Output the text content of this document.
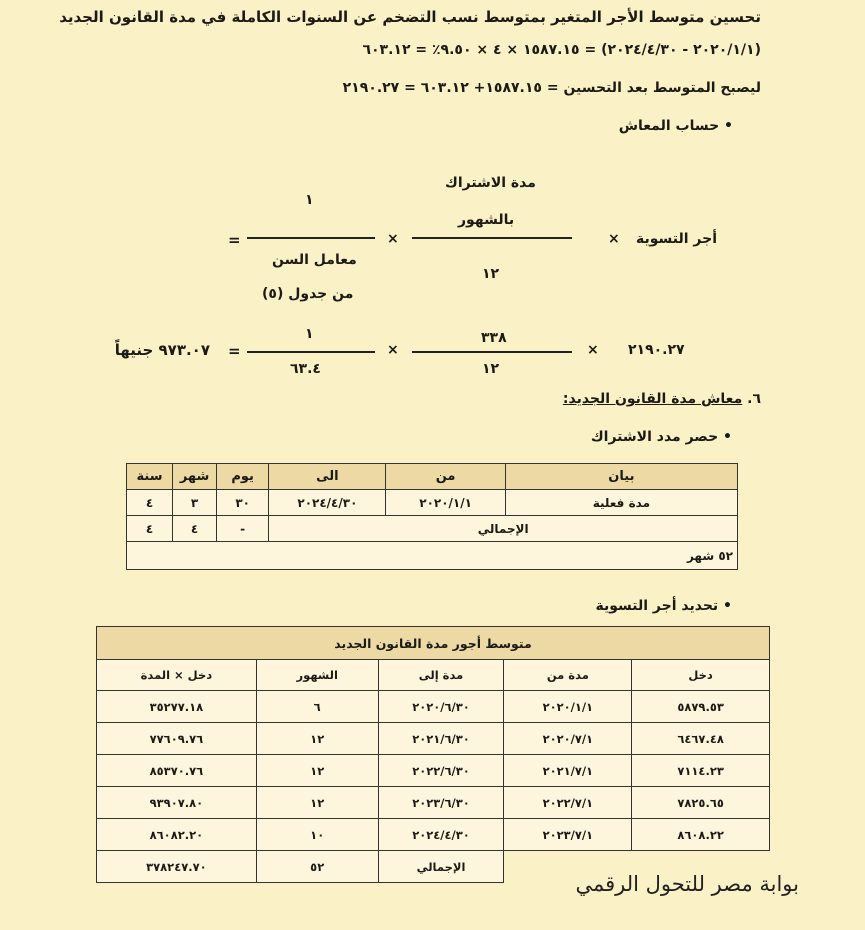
تحسين متوسط الأجر المتغير بمتوسط نسب التضخم عن السنوات الكاملة في مدة القانون الجديد
(٢٠٢٠/١/١ - ٢٠٢٤/٤/٣٠) = ١٥٨٧.١٥ × ٤ × ٩.٥٠٪ = ٦٠٣.١٢
ليصبح المتوسط بعد التحسين = ١٥٨٧.١٥+ ٦٠٣.١٢ = ٢١٩٠.٢٧
• حساب المعاش
مدة الاشتراك
بالشهور
١٢
١
معامل السن
من جدول (٥)
×
×
=	أجر التسوية
٣٣٨
١٢
١
٦٣.٤
٢١٩٠.٢٧
×
×
=
٩٧٣.٠٧ جنيهاً
٦. معاش مدة القانون الجديد:
• حصر مدد الاشتراك
بيان	من	الى	يوم	شهر	سنة
مدة فعلية	٢٠٢٠/١/١	٢٠٢٤/٤/٣٠	٣٠	٣	٤
الإجمالي			-	٤	٤
٥٢ شهر					
• تحديد أجر التسوية
متوسط أجور مدة القانون الجديد				
دخل	مدة من	مدة إلى	الشهور	دخل × المدة
٥٨٧٩.٥٣	٢٠٢٠/١/١	٢٠٢٠/٦/٣٠	٦	٣٥٢٧٧.١٨
٦٤٦٧.٤٨	٢٠٢٠/٧/١	٢٠٢١/٦/٣٠	١٢	٧٧٦٠٩.٧٦
٧١١٤.٢٣	٢٠٢١/٧/١	٢٠٢٢/٦/٣٠	١٢	٨٥٣٧٠.٧٦
٧٨٢٥.٦٥	٢٠٢٢/٧/١	٢٠٢٣/٦/٣٠	١٢	٩٣٩٠٧.٨٠
٨٦٠٨.٢٢	٢٠٢٣/٧/١	٢٠٢٤/٤/٣٠	١٠	٨٦٠٨٢.٢٠
		الإجمالي	٥٢	٣٧٨٢٤٧.٧٠
بوابة مصر للتحول الرقمي
